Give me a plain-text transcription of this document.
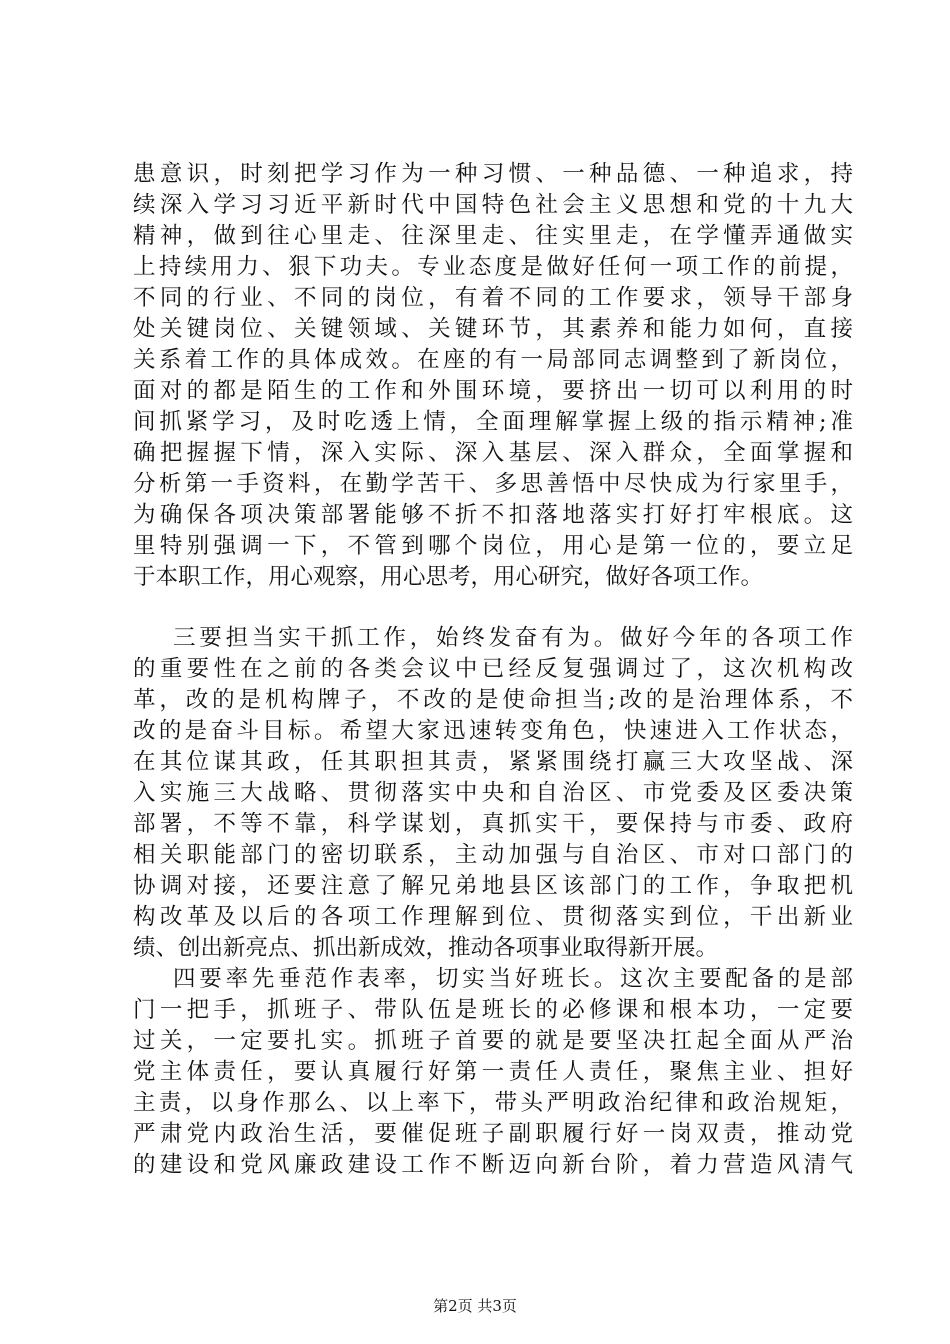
患意识，时刻把学习作为一种习惯、一种品德、一种追求，持
续深入学习习近平新时代中国特色社会主义思想和党的十九大
精神，做到往心里走、往深里走、往实里走，在学懂弄通做实
上持续用力、狠下功夫。专业态度是做好任何一项工作的前提，
不同的行业、不同的岗位，有着不同的工作要求，领导干部身
处关键岗位、关键领域、关键环节，其素养和能力如何，直接
关系着工作的具体成效。在座的有一局部同志调整到了新岗位，
面对的都是陌生的工作和外围环境，要挤出一切可以利用的时
间抓紧学习，及时吃透上情，全面理解掌握上级的指示精神;准
确把握握下情，深入实际、深入基层、深入群众，全面掌握和
分析第一手资料，在勤学苦干、多思善悟中尽快成为行家里手，
为确保各项决策部署能够不折不扣落地落实打好打牢根底。这
里特别强调一下，不管到哪个岗位，用心是第一位的，要立足
于本职工作，用心观察，用心思考，用心研究，做好各项工作。
三要担当实干抓工作，始终发奋有为。做好今年的各项工作
的重要性在之前的各类会议中已经反复强调过了，这次机构改
革，改的是机构牌子，不改的是使命担当;改的是治理体系，不
改的是奋斗目标。希望大家迅速转变角色，快速进入工作状态，
在其位谋其政，任其职担其责，紧紧围绕打赢三大攻坚战、深
入实施三大战略、贯彻落实中央和自治区、市党委及区委决策
部署，不等不靠，科学谋划，真抓实干，要保持与市委、政府
相关职能部门的密切联系，主动加强与自治区、市对口部门的
协调对接，还要注意了解兄弟地县区该部门的工作，争取把机
构改革及以后的各项工作理解到位、贯彻落实到位，干出新业
绩、创出新亮点、抓出新成效，推动各项事业取得新开展。
四要率先垂范作表率，切实当好班长。这次主要配备的是部
门一把手，抓班子、带队伍是班长的必修课和根本功，一定要
过关，一定要扎实。抓班子首要的就是要坚决扛起全面从严治
党主体责任，要认真履行好第一责任人责任，聚焦主业、担好
主责，以身作那么、以上率下，带头严明政治纪律和政治规矩，
严肃党内政治生活，要催促班子副职履行好一岗双责，推动党
的建设和党风廉政建设工作不断迈向新台阶，着力营造风清气
第2页 共3页
